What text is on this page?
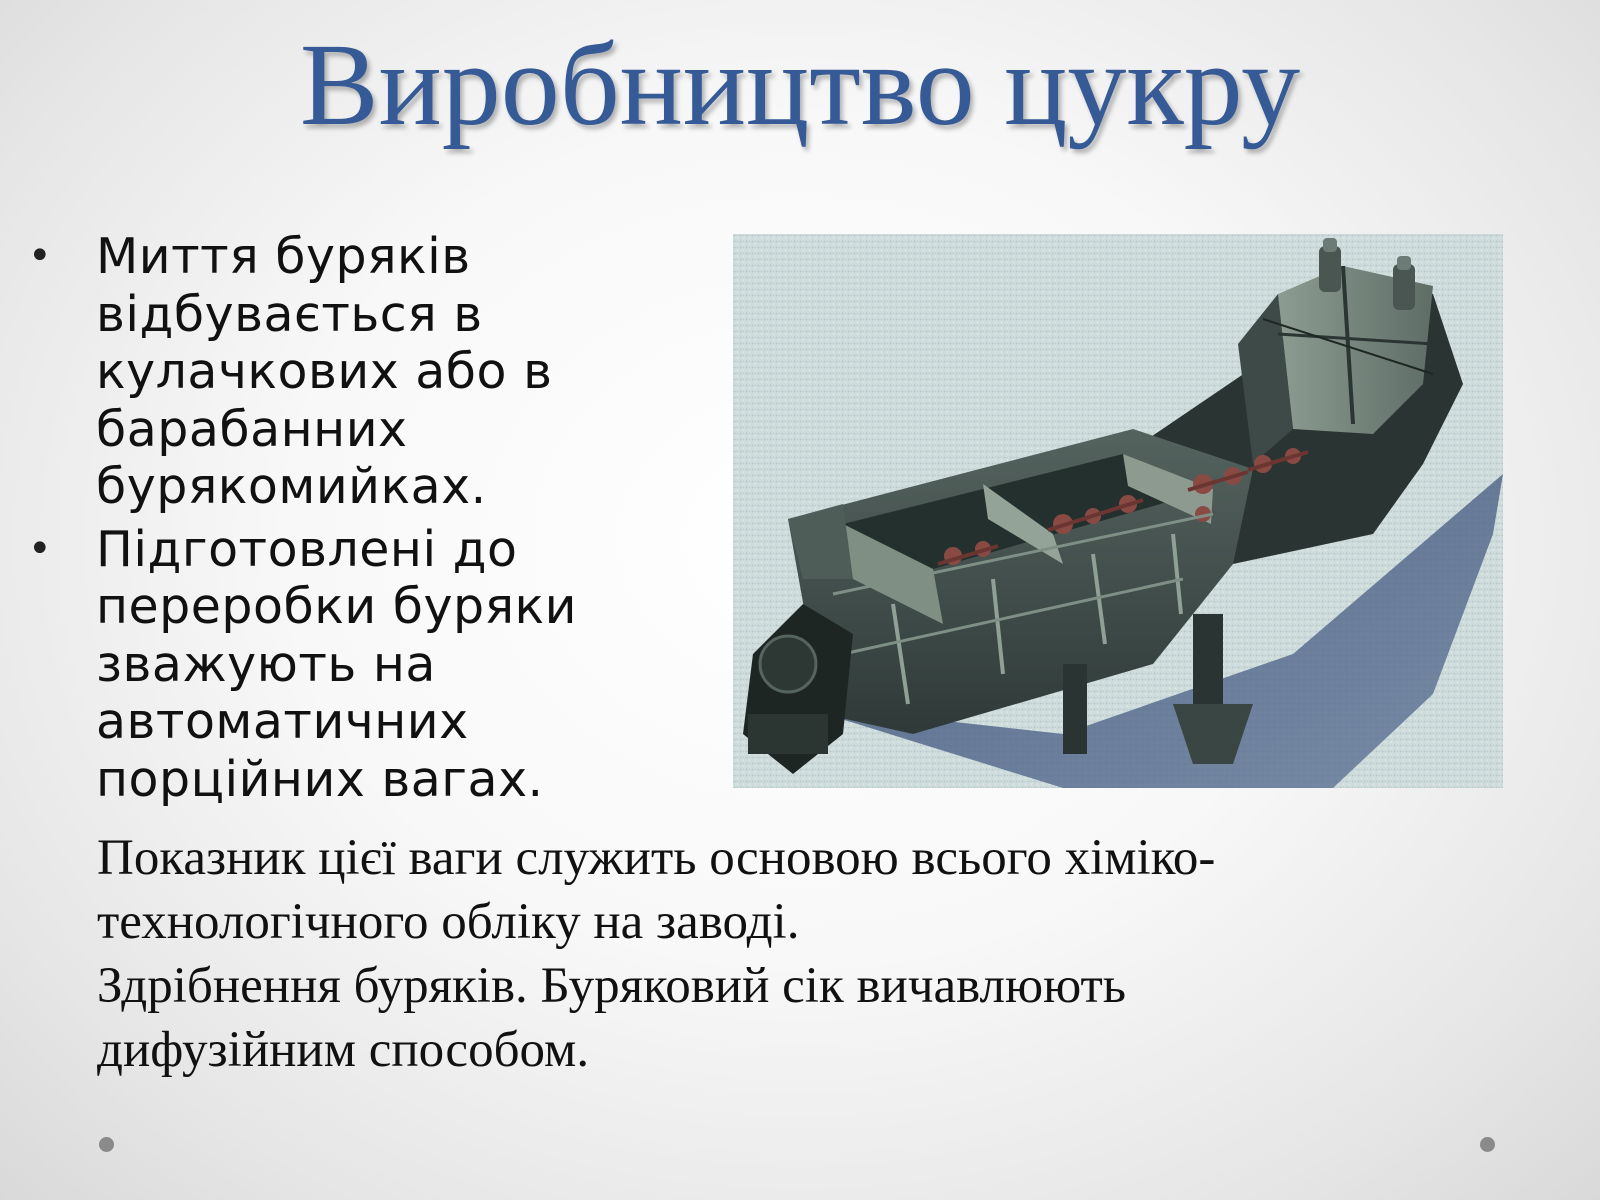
Виробництво цукру
• Миття буряків
відбувається в
кулачкових або в
барабанних
бурякомийках.
• Підготовлені до
переробки буряки
зважують на
автоматичних
порційних вагах.
Показник цієї ваги служить основою всього хіміко-
технологічного обліку на заводі.
Здрібнення буряків. Буряковий сік вичавлюють
дифузійним способом.
